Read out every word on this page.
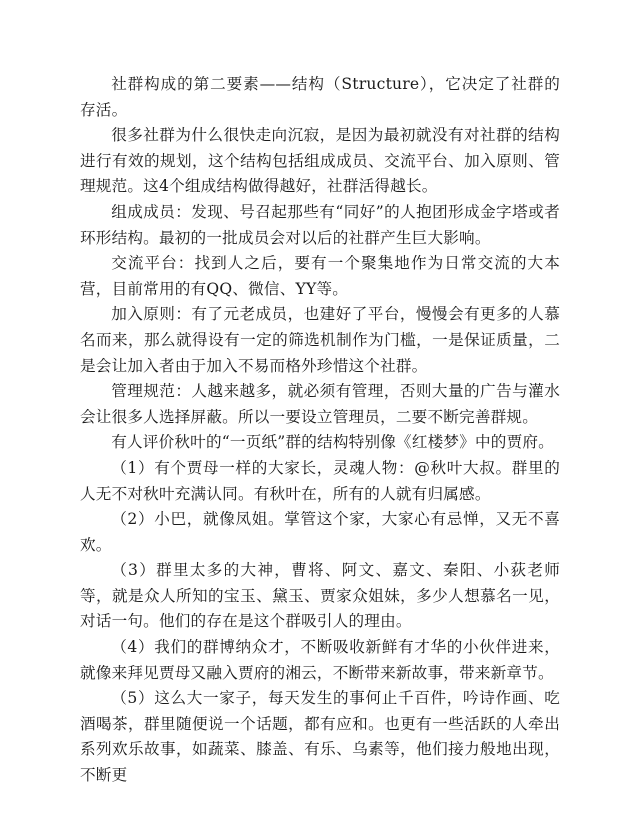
社群构成的第二要素——结构（Structure），它决定了社群的存活。

很多社群为什么很快走向沉寂，是因为最初就没有对社群的结构进行有效的规划，这个结构包括组成成员、交流平台、加入原则、管理规范。这4个组成结构做得越好，社群活得越长。

组成成员：发现、号召起那些有“同好”的人抱团形成金字塔或者环形结构。最初的一批成员会对以后的社群产生巨大影响。

交流平台：找到人之后，要有一个聚集地作为日常交流的大本营，目前常用的有QQ、微信、YY等。

加入原则：有了元老成员，也建好了平台，慢慢会有更多的人慕名而来，那么就得设有一定的筛选机制作为门槛，一是保证质量，二是会让加入者由于加入不易而格外珍惜这个社群。

管理规范：人越来越多，就必须有管理，否则大量的广告与灌水会让很多人选择屏蔽。所以一要设立管理员，二要不断完善群规。

有人评价秋叶的“一页纸”群的结构特别像《红楼梦》中的贾府。

（1）有个贾母一样的大家长，灵魂人物：@秋叶大叔。群里的人无不对秋叶充满认同。有秋叶在，所有的人就有归属感。

（2）小巴，就像凤姐。掌管这个家，大家心有忌惮，又无不喜欢。

（3）群里太多的大神，曹将、阿文、嘉文、秦阳、小荻老师等，就是众人所知的宝玉、黛玉、贾家众姐妹，多少人想慕名一见，对话一句。他们的存在是这个群吸引人的理由。

（4）我们的群博纳众才，不断吸收新鲜有才华的小伙伴进来，就像来拜见贾母又融入贾府的湘云，不断带来新故事，带来新章节。

（5）这么大一家子，每天发生的事何止千百件，吟诗作画、吃酒喝茶，群里随便说一个话题，都有应和。也更有一些活跃的人牵出系列欢乐故事，如蔬菜、膝盖、有乐、乌素等，他们接力般地出现，不断更
